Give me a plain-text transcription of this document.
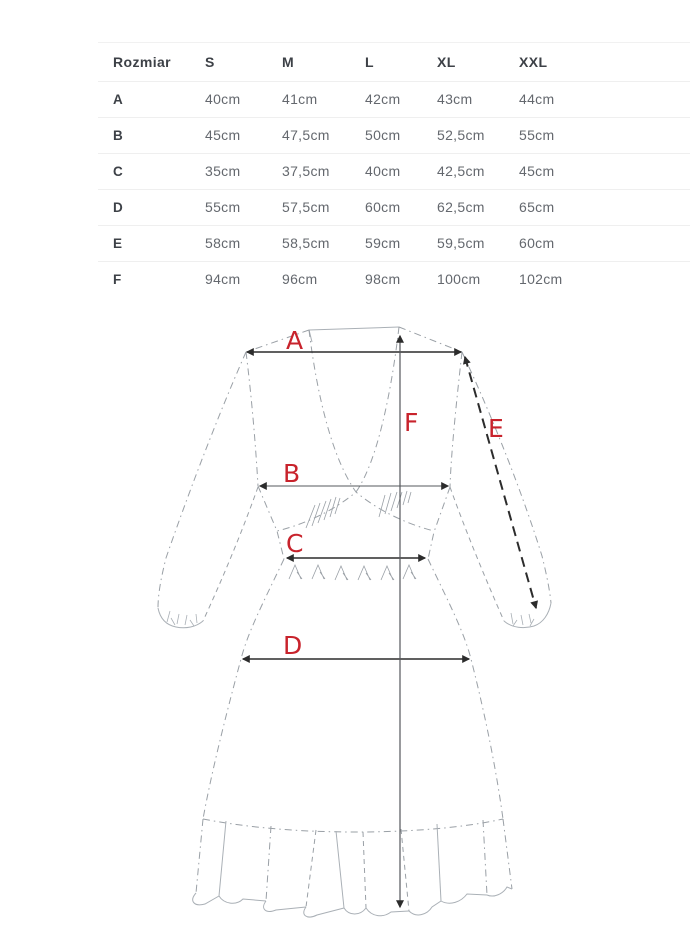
Rozmiar	S	M	L	XL	XXL
A	40cm	41cm	42cm	43cm	44cm
B	45cm	47,5cm	50cm	52,5cm	55cm
C	35cm	37,5cm	40cm	42,5cm	45cm
D	55cm	57,5cm	60cm	62,5cm	65cm
E	58cm	58,5cm	59cm	59,5cm	60cm
F	94cm	96cm	98cm	100cm	102cm
A
B
C
D
E
F
